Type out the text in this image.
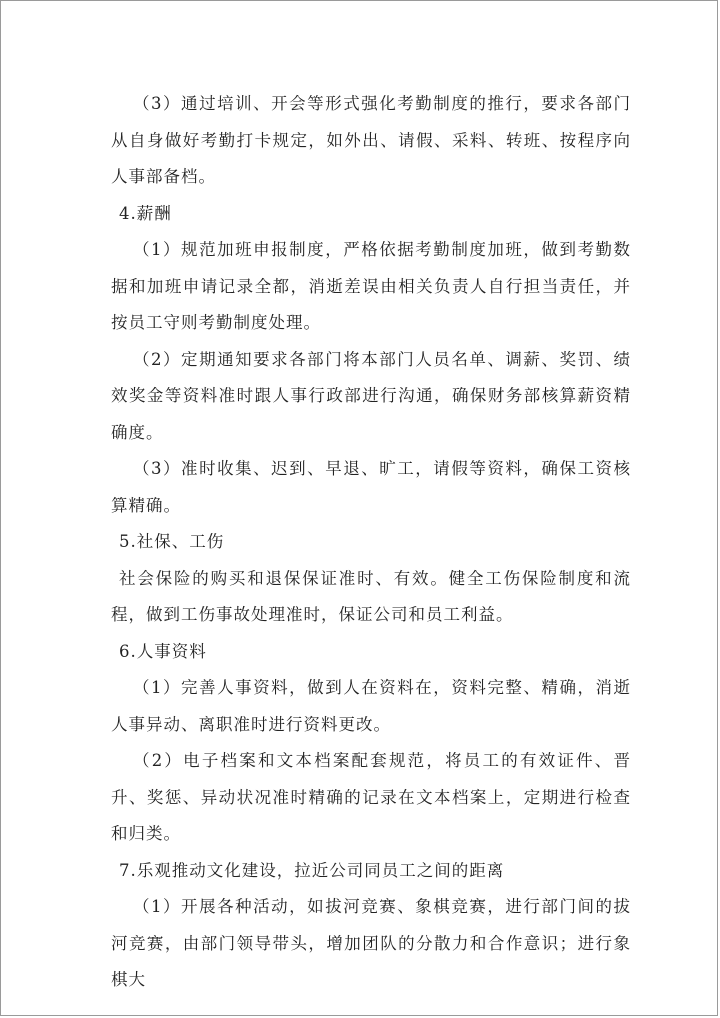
（3）通过培训、开会等形式强化考勤制度的推行，要求各部门从自身做好考勤打卡规定，如外出、请假、采料、转班、按程序向人事部备档。

4.薪酬

（1）规范加班申报制度，严格依据考勤制度加班，做到考勤数据和加班申请记录全都，消逝差误由相关负责人自行担当责任，并按员工守则考勤制度处理。

（2）定期通知要求各部门将本部门人员名单、调薪、奖罚、绩效奖金等资料准时跟人事行政部进行沟通，确保财务部核算薪资精确度。

（3）准时收集、迟到、早退、旷工，请假等资料，确保工资核算精确。

5.社保、工伤

社会保险的购买和退保保证准时、有效。健全工伤保险制度和流程，做到工伤事故处理准时，保证公司和员工利益。

6.人事资料

（1）完善人事资料，做到人在资料在，资料完整、精确，消逝人事异动、离职准时进行资料更改。

（2）电子档案和文本档案配套规范，将员工的有效证件、晋升、奖惩、异动状况准时精确的记录在文本档案上，定期进行检查和归类。

7.乐观推动文化建设，拉近公司同员工之间的距离

（1）开展各种活动，如拔河竞赛、象棋竞赛，进行部门间的拔河竞赛，由部门领导带头，增加团队的分散力和合作意识；进行象棋大
